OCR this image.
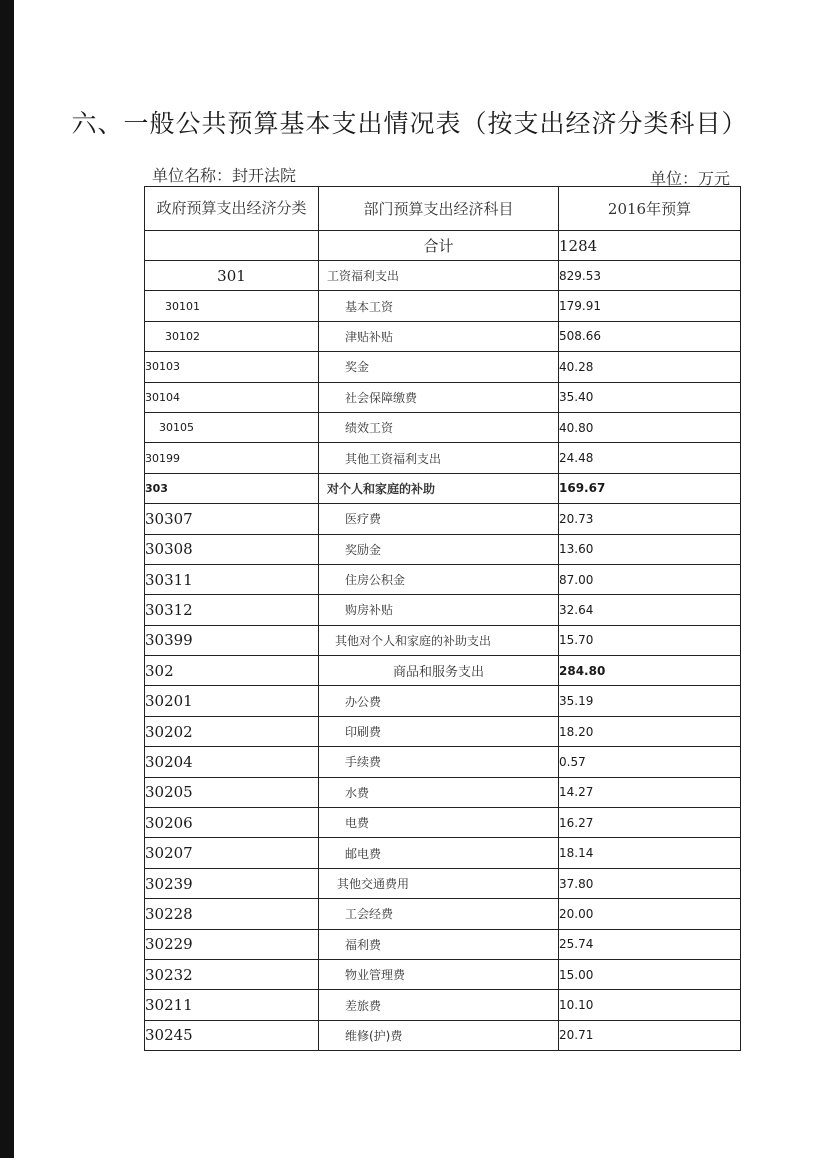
六、一般公共预算基本支出情况表（按支出经济分类科目）
单位名称：封开法院	单位：万元
政府预算支出经济分类	部门预算支出经济科目	2016年预算
	合计	1284
301	工资福利支出	829.53
30101	基本工资	179.91
30102	津贴补贴	508.66
30103	奖金	40.28
30104	社会保障缴费	35.40
30105	绩效工资	40.80
30199	其他工资福利支出	24.48
303	对个人和家庭的补助	169.67
30307	医疗费	20.73
30308	奖励金	13.60
30311	住房公积金	87.00
30312	购房补贴	32.64
30399	其他对个人和家庭的补助支出	15.70
302	商品和服务支出	284.80
30201	办公费	35.19
30202	印刷费	18.20
30204	手续费	0.57
30205	水费	14.27
30206	电费	16.27
30207	邮电费	18.14
30239	其他交通费用	37.80
30228	工会经费	20.00
30229	福利费	25.74
30232	物业管理费	15.00
30211	差旅费	10.10
30245	维修(护)费	20.71
